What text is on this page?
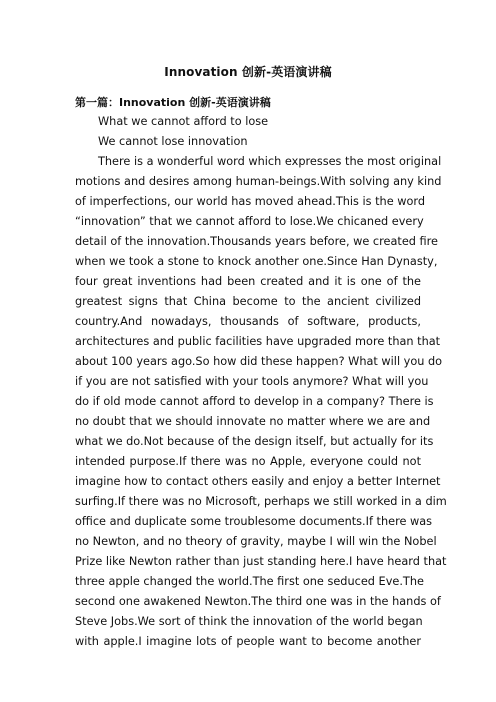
Innovation 创新-英语演讲稿
第一篇：Innovation 创新-英语演讲稿
What we cannot afford to lose
We cannot lose innovation
There is a wonderful word which expresses the most original
motions and desires among human-beings.With solving any kind
of imperfections, our world has moved ahead.This is the word
“innovation” that we cannot afford to lose.We chicaned every
detail of the innovation.Thousands years before, we created fire
when we took a stone to knock another one.Since Han Dynasty,
four great inventions had been created and it is one of the
greatest signs that China become to the ancient civilized
country.And nowadays, thousands of software, products,
architectures and public facilities have upgraded more than that
about 100 years ago.So how did these happen? What will you do
if you are not satisfied with your tools anymore? What will you
do if old mode cannot afford to develop in a company? There is
no doubt that we should innovate no matter where we are and
what we do.Not because of the design itself, but actually for its
intended purpose.If there was no Apple, everyone could not
imagine how to contact others easily and enjoy a better Internet
surfing.If there was no Microsoft, perhaps we still worked in a dim
office and duplicate some troublesome documents.If there was
no Newton, and no theory of gravity, maybe I will win the Nobel
Prize like Newton rather than just standing here.I have heard that
three apple changed the world.The first one seduced Eve.The
second one awakened Newton.The third one was in the hands of
Steve Jobs.We sort of think the innovation of the world began
with apple.I imagine lots of people want to become another
